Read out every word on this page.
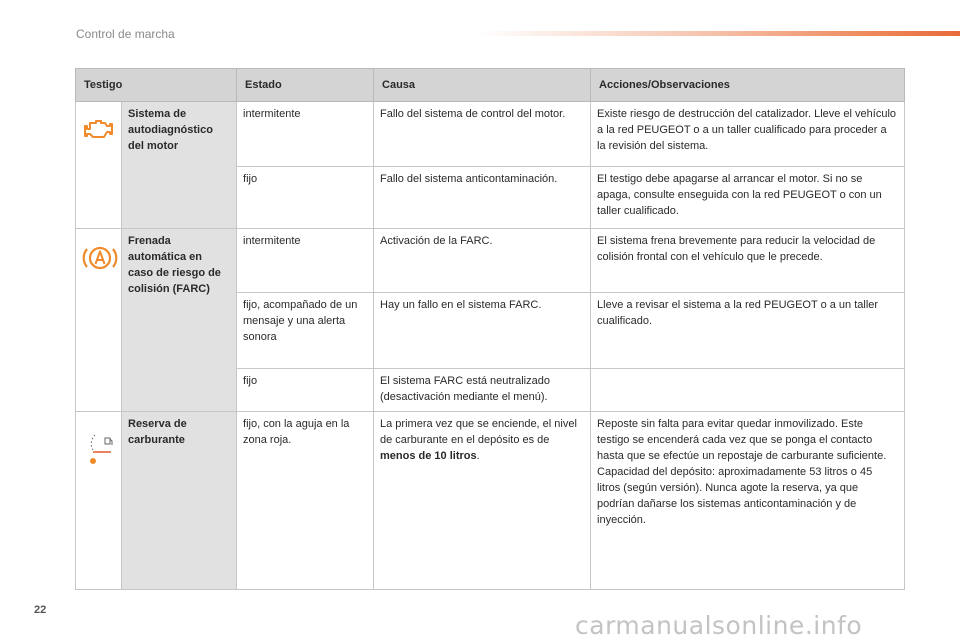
Control de marcha
Testigo		Estado	Causa	Acciones/Observaciones

Sistema de autodiagnóstico del motor	intermitente	Fallo del sistema de control del motor.	Existe riesgo de destrucción del catalizador. Lleve el vehículo a la red PEUGEOT o a un taller cualificado para proceder a la revisión del sistema.
		fijo	Fallo del sistema anticontaminación.	El testigo debe apagarse al arrancar el motor. Si no se apaga, consulte enseguida con la red PEUGEOT o con un taller cualificado.

Frenada automática en caso de riesgo de colisión (FARC)	intermitente	Activación de la FARC.	El sistema frena brevemente para reducir la velocidad de colisión frontal con el vehículo que le precede.
		fijo, acompañado de un mensaje y una alerta sonora	Hay un fallo en el sistema FARC.	Lleve a revisar el sistema a la red PEUGEOT o a un taller cualificado.
		fijo	El sistema FARC está neutralizado (desactivación mediante el menú).	

Reserva de carburante	fijo, con la aguja en la zona roja.	La primera vez que se enciende, el nivel de carburante en el depósito es de menos de 10 litros.	Reposte sin falta para evitar quedar inmovilizado. Este testigo se encenderá cada vez que se ponga el contacto hasta que se efectúe un repostaje de carburante suficiente. Capacidad del depósito: aproximadamente 53 litros o 45 litros (según versión). Nunca agote la reserva, ya que podrían dañarse los sistemas anticontaminación y de inyección.
22
carmanualsonline.info
